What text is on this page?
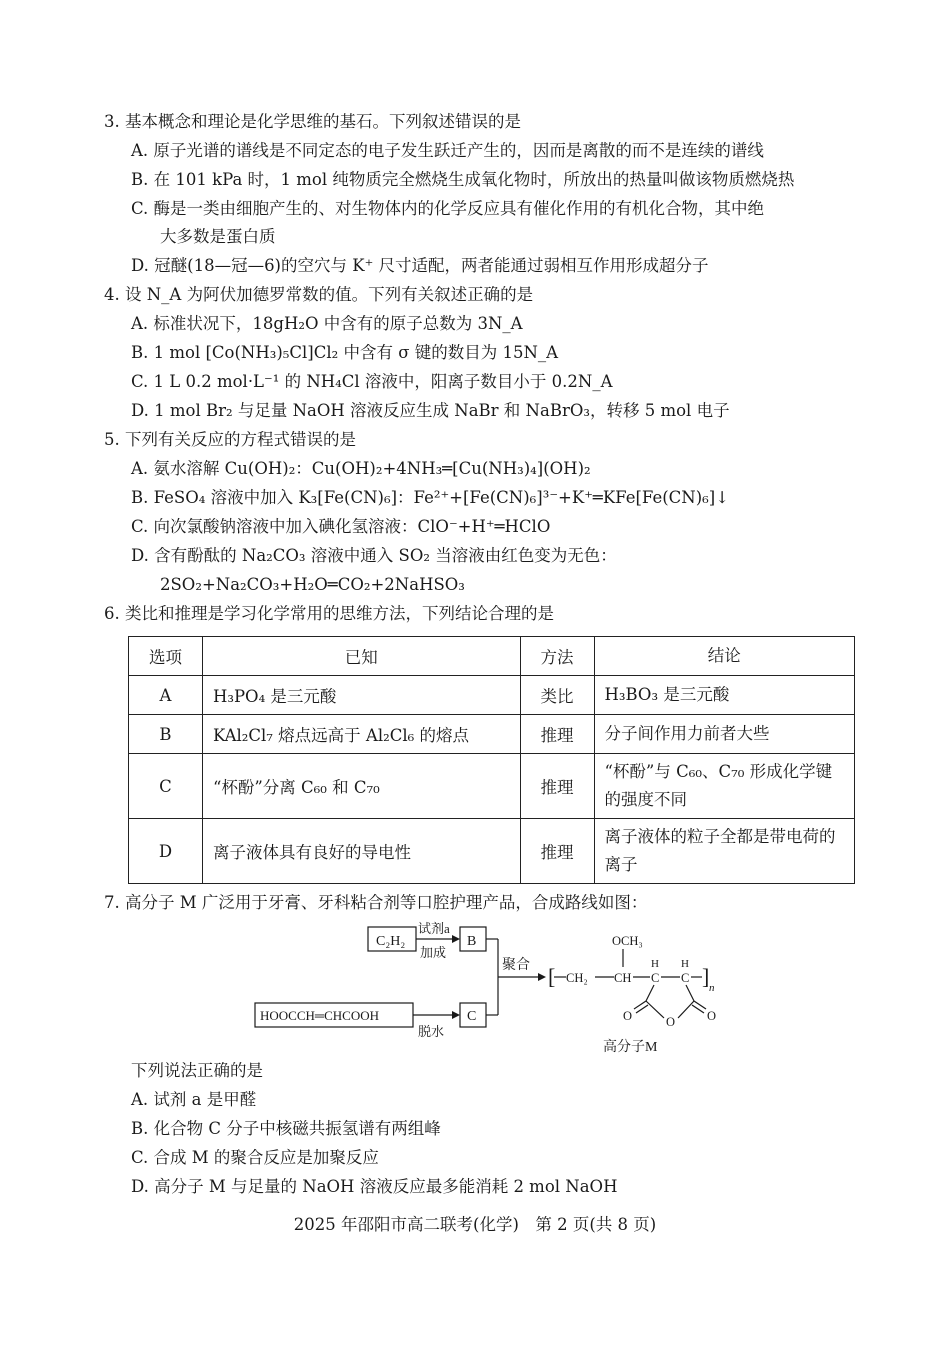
3. 基本概念和理论是化学思维的基石。下列叙述错误的是
A. 原子光谱的谱线是不同定态的电子发生跃迁产生的，因而是离散的而不是连续的谱线
B. 在 101 kPa 时，1 mol 纯物质完全燃烧生成氧化物时，所放出的热量叫做该物质燃烧热
C. 酶是一类由细胞产生的、对生物体内的化学反应具有催化作用的有机化合物，其中绝
大多数是蛋白质
D. 冠醚(18—冠—6)的空穴与 K⁺ 尺寸适配，两者能通过弱相互作用形成超分子
4. 设 N_A 为阿伏加德罗常数的值。下列有关叙述正确的是
A. 标准状况下，18gH₂O 中含有的原子总数为 3N_A
B. 1 mol [Co(NH₃)₅Cl]Cl₂ 中含有 σ 键的数目为 15N_A
C. 1 L 0.2 mol·L⁻¹ 的 NH₄Cl 溶液中，阳离子数目小于 0.2N_A
D. 1 mol Br₂ 与足量 NaOH 溶液反应生成 NaBr 和 NaBrO₃，转移 5 mol 电子
5. 下列有关反应的方程式错误的是
A. 氨水溶解 Cu(OH)₂：Cu(OH)₂+4NH₃═[Cu(NH₃)₄](OH)₂
B. FeSO₄ 溶液中加入 K₃[Fe(CN)₆]：Fe²⁺+[Fe(CN)₆]³⁻+K⁺═KFe[Fe(CN)₆]↓
C. 向次氯酸钠溶液中加入碘化氢溶液：ClO⁻+H⁺═HClO
D. 含有酚酞的 Na₂CO₃ 溶液中通入 SO₂ 当溶液由红色变为无色：
2SO₂+Na₂CO₃+H₂O═CO₂+2NaHSO₃
6. 类比和推理是学习化学常用的思维方法，下列结论合理的是
选项	已知	方法	结论
A	H₃PO₄ 是三元酸	类比	H₃BO₃ 是三元酸
B	KAl₂Cl₇ 熔点远高于 Al₂Cl₆ 的熔点	推理	分子间作用力前者大些
C	“杯酚”分离 C₆₀ 和 C₇₀	推理	“杯酚”与 C₆₀、C₇₀ 形成化学键的强度不同
D	离子液体具有良好的导电性	推理	离子液体的粒子全都是带电荷的离子
7. 高分子 M 广泛用于牙膏、牙科粘合剂等口腔护理产品，合成路线如图：
C₂H₂
试剂a
加成
B
HOOCCH═CHCOOH
脱水
C
聚合 [ CH₂ CH
OCH₃
C
H
C
H ] n
O
O	O
高分子M
下列说法正确的是
A. 试剂 a 是甲醛
B. 化合物 C 分子中核磁共振氢谱有两组峰
C. 合成 M 的聚合反应是加聚反应
D. 高分子 M 与足量的 NaOH 溶液反应最多能消耗 2 mol NaOH
2025 年邵阳市高二联考(化学)　第 2 页(共 8 页)
